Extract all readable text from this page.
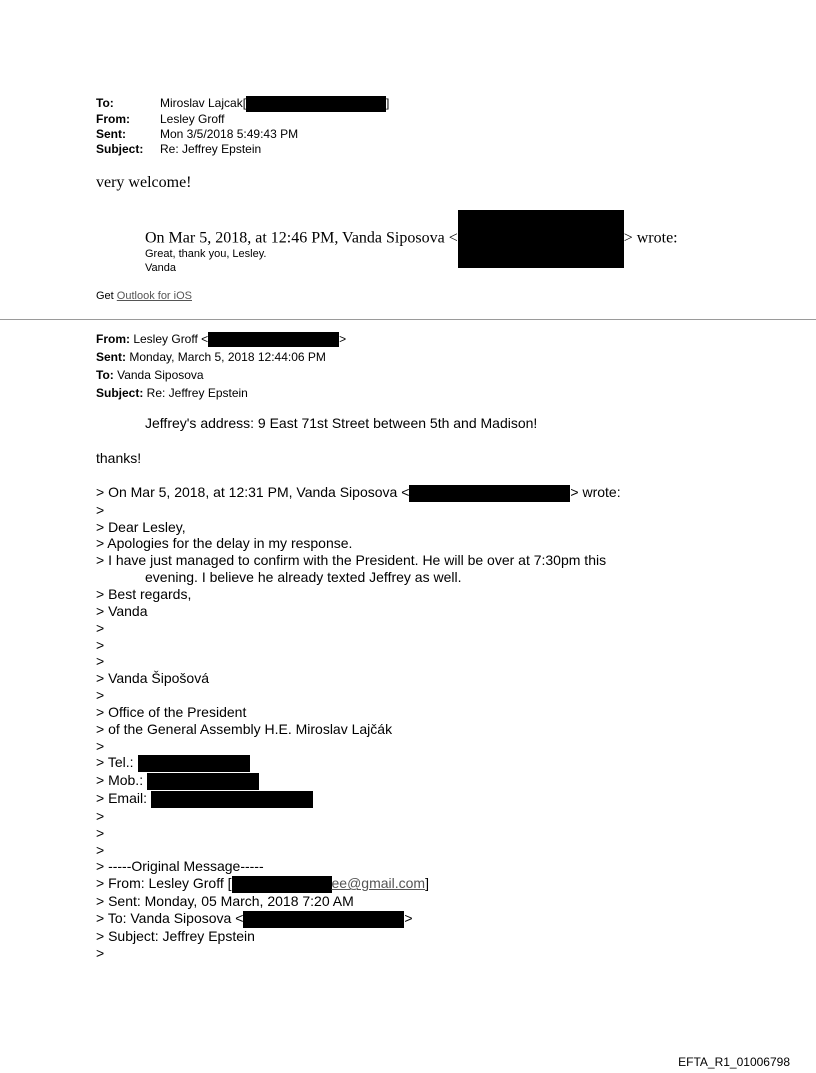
To:	Miroslav Lajcak[	]
From:	Lesley Groff
Sent:	Mon 3/5/2018 5:49:43 PM
Subject:	Re: Jeffrey Epstein
very welcome!
On Mar 5, 2018, at 12:46 PM, Vanda Siposova <	> wrote:
Great, thank you, Lesley.
Vanda
Get Outlook for iOS
From: Lesley Groff <	>
Sent: Monday, March 5, 2018 12:44:06 PM
To: Vanda Siposova
Subject: Re: Jeffrey Epstein
Jeffrey's address: 9 East 71st Street between 5th and Madison!
thanks!
> On Mar 5, 2018, at 12:31 PM, Vanda Siposova <	> wrote:
>
> Dear Lesley,
> Apologies for the delay in my response.
> I have just managed to confirm with the President. He will be over at 7:30pm this
evening. I believe he already texted Jeffrey as well.
> Best regards,
> Vanda
>
>
>
> Vanda Šipošová
>
> Office of the President
> of the General Assembly H.E. Miroslav Lajčák
>
> Tel.:
> Mob.:
> Email:
>
>
>
> -----Original Message-----
> From: Lesley Groff [	ee@gmail.com]
> Sent: Monday, 05 March, 2018 7:20 AM
> To: Vanda Siposova <	>
> Subject: Jeffrey Epstein
>
EFTA_R1_01006798
